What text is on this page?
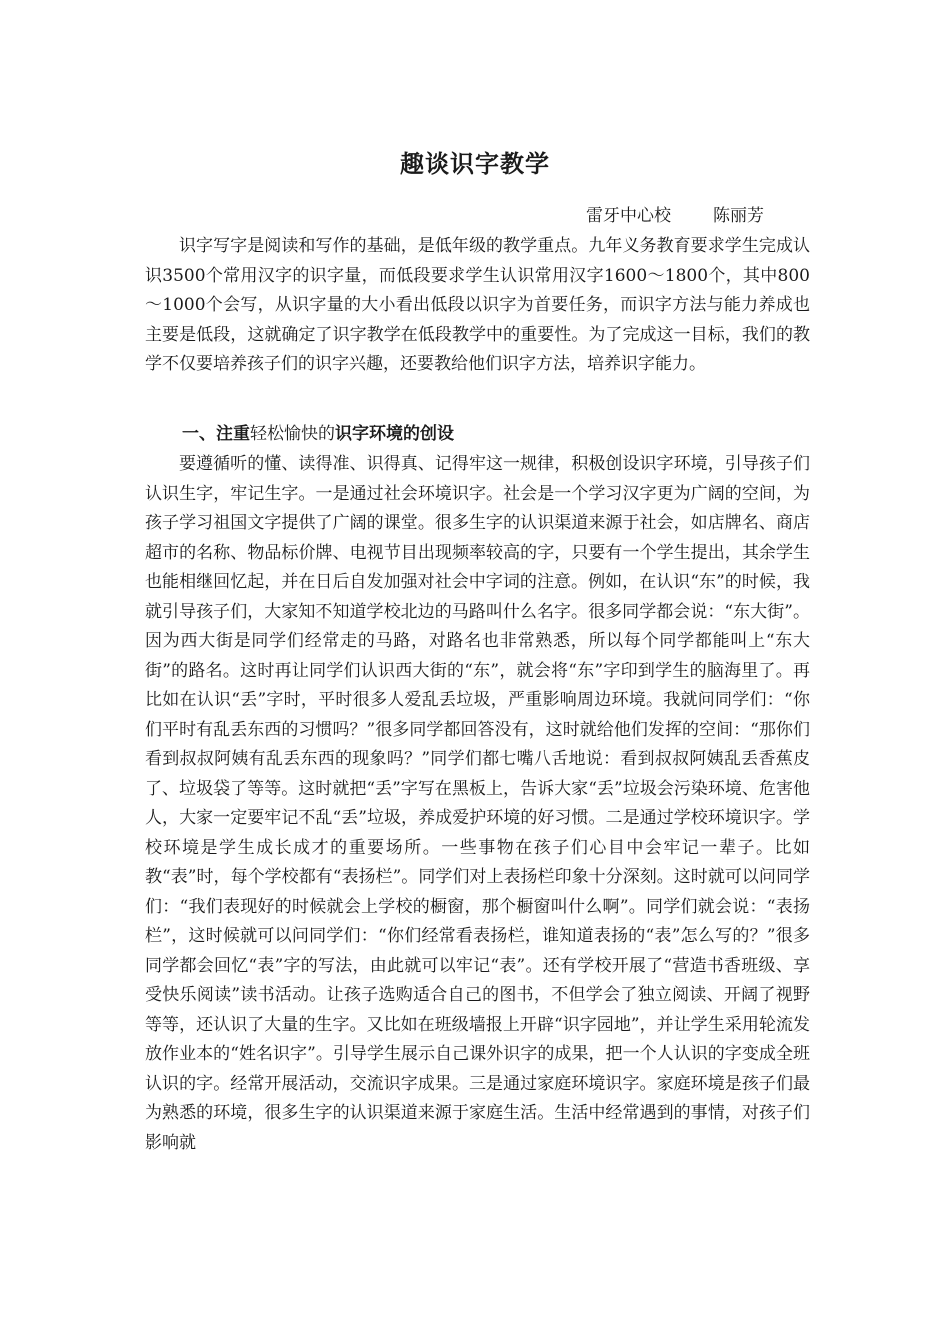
趣谈识字教学
雷牙中心校 陈丽芳

识字写字是阅读和写作的基础，是低年级的教学重点。九年义务教育要求学生完成认识3500个常用汉字的识字量，而低段要求学生认识常用汉字1600～1800个，其中800～1000个会写，从识字量的大小看出低段以识字为首要任务，而识字方法与能力养成也主要是低段，这就确定了识字教学在低段教学中的重要性。为了完成这一目标，我们的教学不仅要培养孩子们的识字兴趣，还要教给他们识字方法，培养识字能力。

一、注重轻松愉快的识字环境的创设

要遵循听的懂、读得准、识得真、记得牢这一规律，积极创设识字环境，引导孩子们认识生字，牢记生字。一是通过社会环境识字。社会是一个学习汉字更为广阔的空间，为孩子学习祖国文字提供了广阔的课堂。很多生字的认识渠道来源于社会，如店牌名、商店超市的名称、物品标价牌、电视节目出现频率较高的字，只要有一个学生提出，其余学生也能相继回忆起，并在日后自发加强对社会中字词的注意。例如，在认识“东”的时候，我就引导孩子们，大家知不知道学校北边的马路叫什么名字。很多同学都会说：“东大街”。因为西大街是同学们经常走的马路，对路名也非常熟悉，所以每个同学都能叫上“东大街”的路名。这时再让同学们认识西大街的“东”，就会将“东”字印到学生的脑海里了。再比如在认识“丢”字时，平时很多人爱乱丢垃圾，严重影响周边环境。我就问同学们：“你们平时有乱丢东西的习惯吗？”很多同学都回答没有，这时就给他们发挥的空间：“那你们看到叔叔阿姨有乱丢东西的现象吗？”同学们都七嘴八舌地说：看到叔叔阿姨乱丢香蕉皮了、垃圾袋了等等。这时就把“丢”字写在黑板上，告诉大家“丢”垃圾会污染环境、危害他人，大家一定要牢记不乱“丢”垃圾，养成爱护环境的好习惯。二是通过学校环境识字。学校环境是学生成长成才的重要场所。一些事物在孩子们心目中会牢记一辈子。比如教“表”时，每个学校都有“表扬栏”。同学们对上表扬栏印象十分深刻。这时就可以问同学们：“我们表现好的时候就会上学校的橱窗，那个橱窗叫什么啊”。同学们就会说：“表扬栏”，这时候就可以问同学们：“你们经常看表扬栏，谁知道表扬的“表”怎么写的？”很多同学都会回忆“表”字的写法，由此就可以牢记“表”。还有学校开展了“营造书香班级、享受快乐阅读”读书活动。让孩子选购适合自己的图书，不但学会了独立阅读、开阔了视野等等，还认识了大量的生字。又比如在班级墙报上开辟“识字园地”，并让学生采用轮流发放作业本的“姓名识字”。引导学生展示自己课外识字的成果，把一个人认识的字变成全班认识的字。经常开展活动，交流识字成果。三是通过家庭环境识字。家庭环境是孩子们最为熟悉的环境，很多生字的认识渠道来源于家庭生活。生活中经常遇到的事情，对孩子们影响就
